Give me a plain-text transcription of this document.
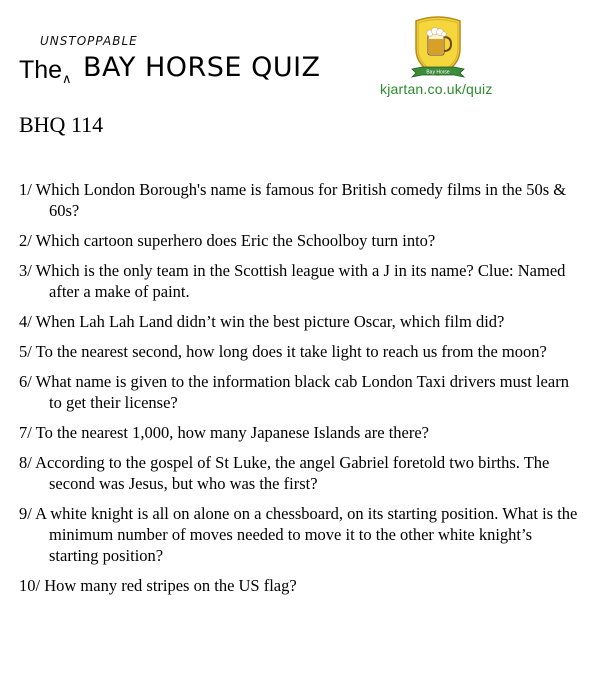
UNSTOPPABLE
The ∧ BAY HORSE QUIZ	Bay Horse
kjartan.co.uk/quiz
BHQ 114
1/ Which London Borough's name is famous for British comedy films in the 50s & 60s?
2/ Which cartoon superhero does Eric the Schoolboy turn into?
3/ Which is the only team in the Scottish league with a J in its name? Clue: Named after a make of paint.
4/ When Lah Lah Land didn’t win the best picture Oscar, which film did?
5/ To the nearest second, how long does it take light to reach us from the moon?
6/ What name is given to the information black cab London Taxi drivers must learn to get their license?
7/ To the nearest 1,000, how many Japanese Islands are there?
8/ According to the gospel of St Luke, the angel Gabriel foretold two births. The second was Jesus, but who was the first?
9/ A white knight is all on alone on a chessboard, on its starting position. What is the minimum number of moves needed to move it to the other white knight’s starting position?
10/ How many red stripes on the US flag?
